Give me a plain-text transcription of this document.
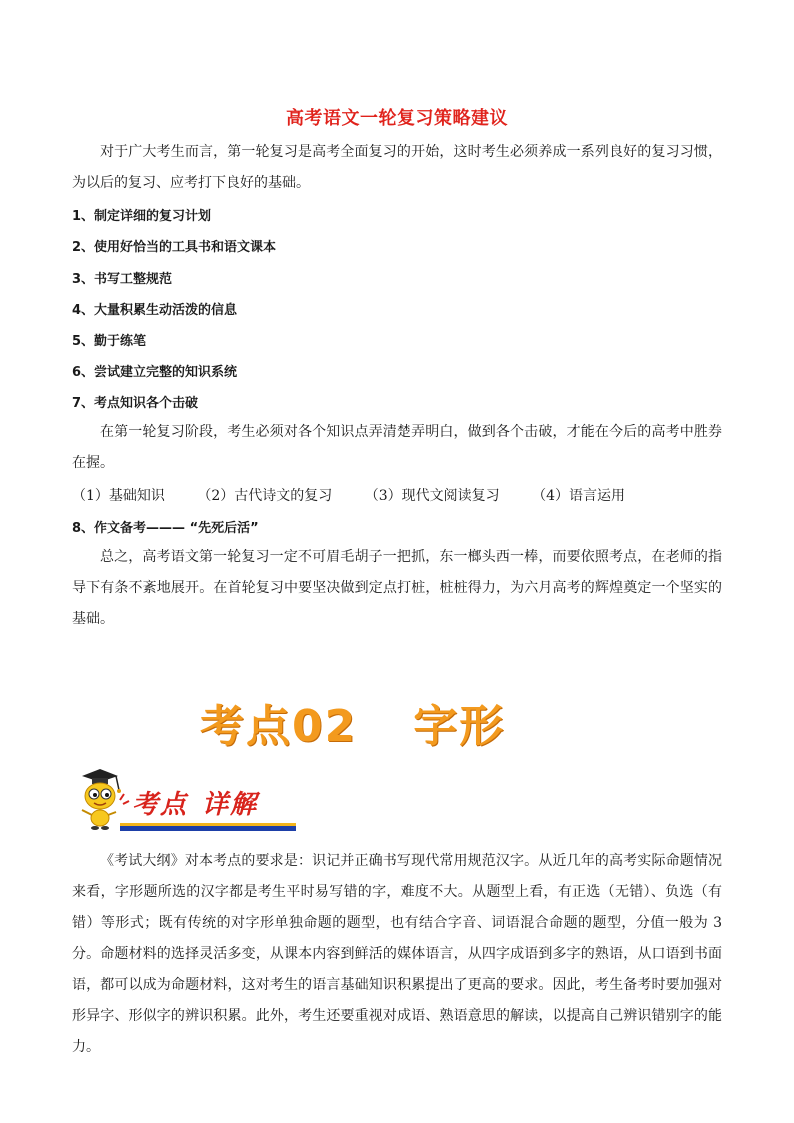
高考语文一轮复习策略建议
对于广大考生而言，第一轮复习是高考全面复习的开始，这时考生必须养成一系列良好的复习习惯，为以后的复习、应考打下良好的基础。
1、制定详细的复习计划
2、使用好恰当的工具书和语文课本
3、书写工整规范
4、大量积累生动活泼的信息
5、勤于练笔
6、尝试建立完整的知识系统
7、考点知识各个击破
在第一轮复习阶段，考生必须对各个知识点弄清楚弄明白，做到各个击破，才能在今后的高考中胜券在握。
（1）基础知识 （2）古代诗文的复习 （3）现代文阅读复习 （4）语言运用
8、作文备考——— “先死后活”
总之，高考语文第一轮复习一定不可眉毛胡子一把抓，东一榔头西一棒，而要依照考点，在老师的指导下有条不紊地展开。在首轮复习中要坚决做到定点打桩，桩桩得力，为六月高考的辉煌奠定一个坚实的基础。
考点02 字形
考点 详解
《考试大纲》对本考点的要求是：识记并正确书写现代常用规范汉字。从近几年的高考实际命题情况来看，字形题所选的汉字都是考生平时易写错的字，难度不大。从题型上看，有正选（无错）、负选（有错）等形式；既有传统的对字形单独命题的题型，也有结合字音、词语混合命题的题型，分值一般为 3分。命题材料的选择灵活多变，从课本内容到鲜活的媒体语言，从四字成语到多字的熟语，从口语到书面语，都可以成为命题材料，这对考生的语言基础知识积累提出了更高的要求。因此，考生备考时要加强对形异字、形似字的辨识积累。此外，考生还要重视对成语、熟语意思的解读，以提高自己辨识错别字的能力。
